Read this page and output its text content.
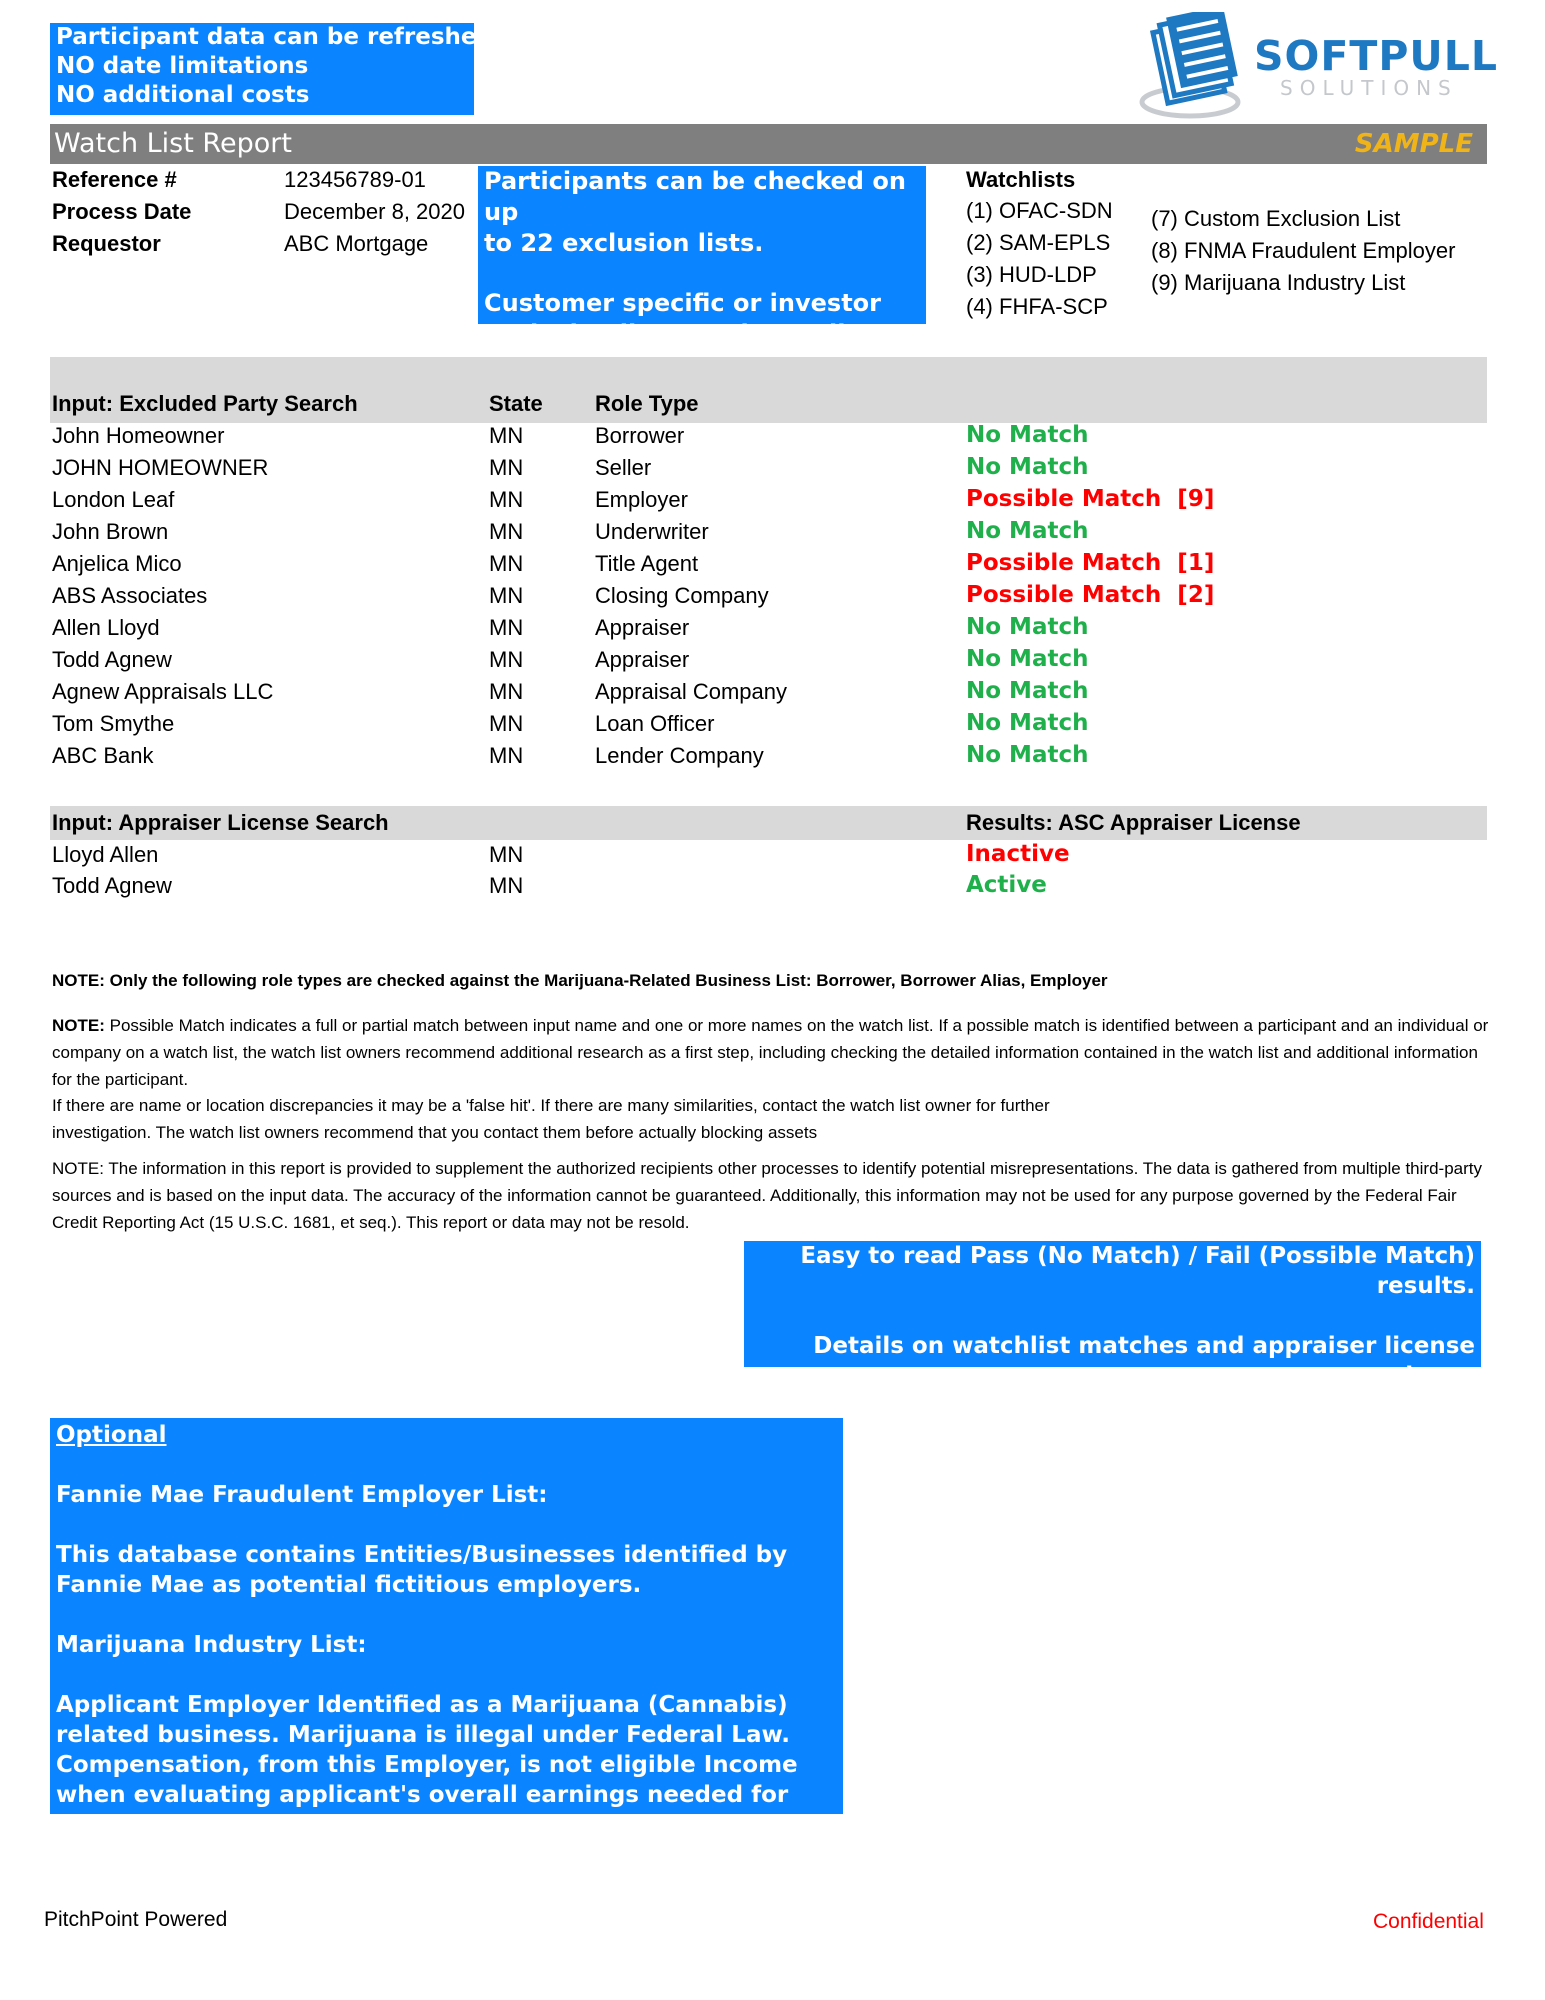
Participant data can be refreshed:
NO date limitations
NO additional costs
SOFTPULL
SOLUTIONS
Watch List Report	SAMPLE
Reference #	123456789-01
Process Date	December 8, 2020
Requestor	ABC Mortgage
Participants can be checked on up
to 22 exclusion lists.
Customer specific or investor
exclusion lists can be easily
Watchlists
(1) OFAC-SDN
(2) SAM-EPLS
(3) HUD-LDP
(4) FHFA-SCP
(7) Custom Exclusion List
(8) FNMA Fraudulent Employer
(9) Marijuana Industry List
Input: Excluded Party Search	State Role Type
John Homeowner	MN	Borrower	No Match
JOHN HOMEOWNER	MN	Seller	No Match
London Leaf	MN	Employer	Possible Match  [9]
John Brown	MN	Underwriter	No Match
Anjelica Mico	MN	Title Agent	Possible Match  [1]
ABS Associates	MN	Closing Company	Possible Match  [2]
Allen Lloyd	MN	Appraiser	No Match
Todd Agnew	MN	Appraiser	No Match
Agnew Appraisals LLC	MN	Appraisal Company	No Match
Tom Smythe	MN	Loan Officer	No Match
ABC Bank	MN	Lender Company	No Match
Input: Appraiser License Search	Results: ASC Appraiser License
Lloyd Allen	MN	Inactive
Todd Agnew	MN	Active
NOTE: Only the following role types are checked against the Marijuana-Related Business List: Borrower, Borrower Alias, Employer
NOTE: Possible Match indicates a full or partial match between input name and one or more names on the watch list. If a possible match is identified between a participant and an individual or company on a watch list, the watch list owners recommend additional research as a first step, including checking the detailed information contained in the watch list and additional information for the participant.
If there are name or location discrepancies it may be a 'false hit'. If there are many similarities, contact the watch list owner for further
investigation. The watch list owners recommend that you contact them before actually blocking assets
NOTE: The information in this report is provided to supplement the authorized recipients other processes to identify potential misrepresentations. The data is gathered from multiple third-party sources and is based on the input data. The accuracy of the information cannot be guaranteed. Additionally, this information may not be used for any purpose governed by the Federal Fair Credit Reporting Act (15 U.S.C. 1681, et seq.). This report or data may not be resold.
Easy to read Pass (No Match) / Fail (Possible Match) results.
Details on watchlist matches and appraiser license shown
on subsequent pages.

Optional

Fannie Mae Fraudulent Employer List:

This database contains Entities/Businesses identified by Fannie Mae as potential fictitious employers.

Marijuana Industry List:

Applicant Employer Identified as a Marijuana (Cannabis) related business. Marijuana is illegal under Federal Law. Compensation, from this Employer, is not eligible Income when evaluating applicant's overall earnings needed for loan underwriting.

PitchPoint Powered	Confidential
